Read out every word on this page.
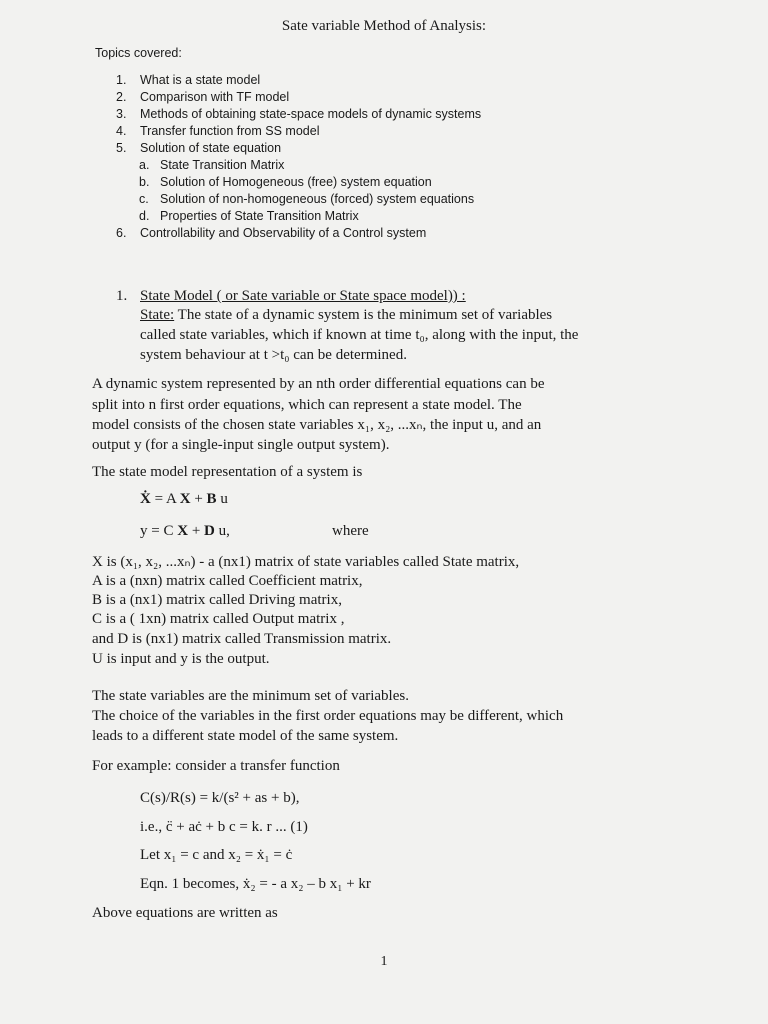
Sate variable Method of Analysis:
Topics covered:
1. What is a state model
2. Comparison with TF model
3. Methods of obtaining state-space models of dynamic systems
4. Transfer function from SS model
5. Solution of state equation
a. State Transition Matrix
b. Solution of Homogeneous (free) system equation
c. Solution of non-homogeneous (forced) system equations
d. Properties of State Transition Matrix
6. Controllability and Observability of a Control system
1. State Model ( or Sate variable or State space model)) :
State: The state of a dynamic system is the minimum set of variables
called state variables, which if known at time t₀, along with the input, the
system behaviour at t >t₀ can be determined.
A dynamic system represented by an nth order differential equations can be
split into n first order equations, which can represent a state model. The
model consists of the chosen state variables x₁, x₂, ...xₙ, the input u, and an
output y (for a single-input single output system).
The state model representation of a system is
Ẋ = A X + B u
y = C X + D u,	where
X is (x₁, x₂, ...xₙ) - a (nx1) matrix of state variables called State matrix,
A is a (nxn) matrix called Coefficient matrix,
B is a (nx1) matrix called Driving matrix,
C is a ( 1xn) matrix called Output matrix ,
and D is (nx1) matrix called Transmission matrix.
U is input and y is the output.
The state variables are the minimum set of variables.
The choice of the variables in the first order equations may be different, which
leads to a different state model of the same system.
For example: consider a transfer function
C(s)/R(s) = k/(s² + as + b),
i.e., c̈ + aċ + b c = k. r ... (1)
Let x₁ = c and x₂ = ẋ₁ = ċ
Eqn. 1 becomes, ẋ₂ = - a x₂ – b x₁ + kr
Above equations are written as
1
